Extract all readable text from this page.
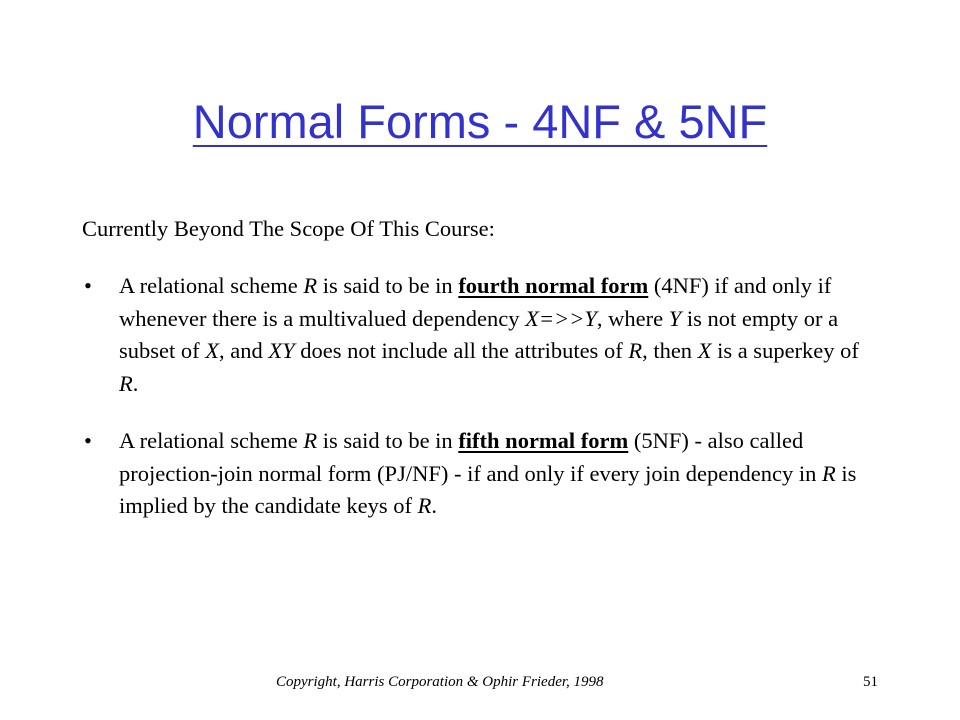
Normal Forms - 4NF & 5NF
Currently Beyond The Scope Of This Course:
• A relational scheme R is said to be in fourth normal form (4NF) if and only if whenever there is a multivalued dependency X=>>Y, where Y is not empty or a subset of X, and XY does not include all the attributes of R, then X is a superkey of R.
• A relational scheme R is said to be in fifth normal form (5NF) - also called projection-join normal form (PJ/NF) - if and only if every join dependency in R is implied by the candidate keys of R.
Copyright, Harris Corporation & Ophir Frieder, 1998	51
